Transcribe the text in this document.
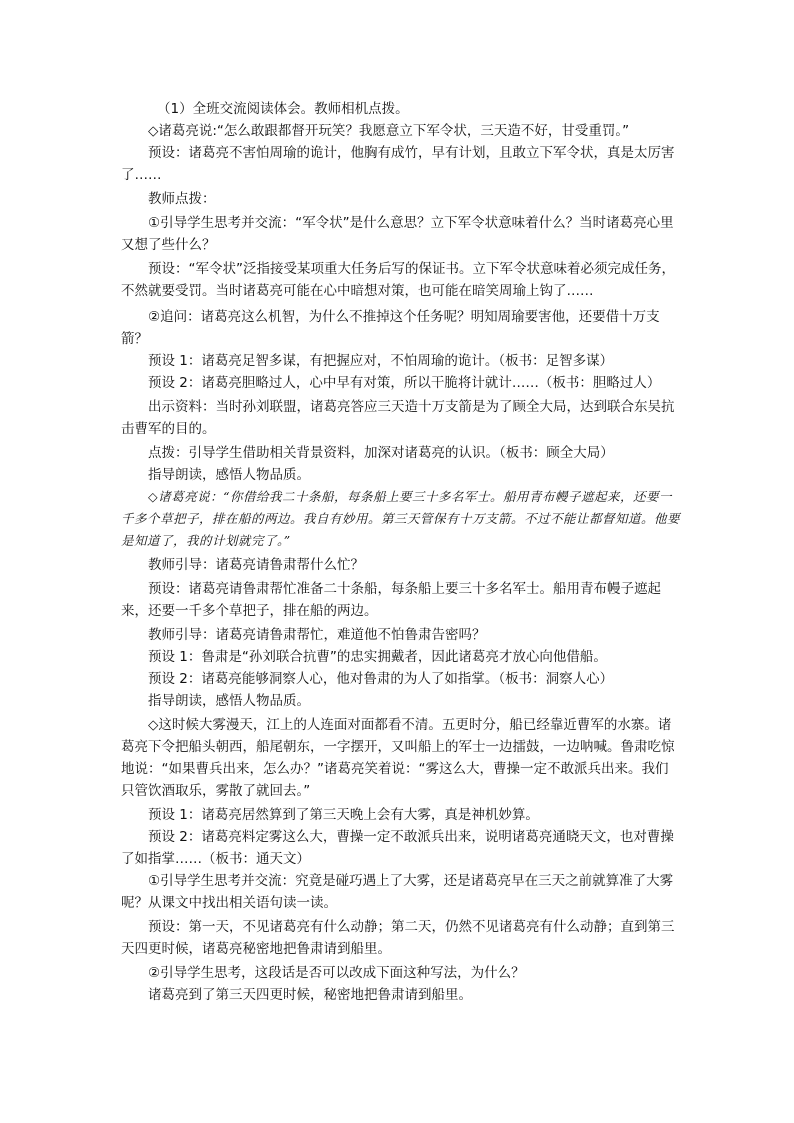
（1）全班交流阅读体会。教师相机点拨。

◇诸葛亮说:“怎么敢跟都督开玩笑？我愿意立下军令状，三天造不好，甘受重罚。”

预设：诸葛亮不害怕周瑜的诡计，他胸有成竹，早有计划，且敢立下军令状，真是太厉害了……

教师点拨：

①引导学生思考并交流：“军令状”是什么意思？立下军令状意味着什么？当时诸葛亮心里又想了些什么？

预设：“军令状”泛指接受某项重大任务后写的保证书。立下军令状意味着必须完成任务，不然就要受罚。当时诸葛亮可能在心中暗想对策，也可能在暗笑周瑜上钩了……

②追问：诸葛亮这么机智，为什么不推掉这个任务呢？明知周瑜要害他，还要借十万支箭？

预设 1：诸葛亮足智多谋，有把握应对，不怕周瑜的诡计。（板书：足智多谋）

预设 2：诸葛亮胆略过人，心中早有对策，所以干脆将计就计……（板书：胆略过人）

出示资料：当时孙刘联盟，诸葛亮答应三天造十万支箭是为了顾全大局，达到联合东吴抗击曹军的目的。

点拨：引导学生借助相关背景资料，加深对诸葛亮的认识。（板书：顾全大局）

指导朗读，感悟人物品质。

◇诸葛亮说：“你借给我二十条船，每条船上要三十多名军士。船用青布幔子遮起来，还要一千多个草把子，排在船的两边。我自有妙用。第三天管保有十万支箭。不过不能让都督知道。他要是知道了，我的计划就完了。”

教师引导：诸葛亮请鲁肃帮什么忙？

预设：诸葛亮请鲁肃帮忙准备二十条船，每条船上要三十多名军士。船用青布幔子遮起来，还要一千多个草把子，排在船的两边。

教师引导：诸葛亮请鲁肃帮忙，难道他不怕鲁肃告密吗？

预设 1：鲁肃是“孙刘联合抗曹”的忠实拥戴者，因此诸葛亮才放心向他借船。

预设 2：诸葛亮能够洞察人心，他对鲁肃的为人了如指掌。（板书：洞察人心）

指导朗读，感悟人物品质。

◇这时候大雾漫天，江上的人连面对面都看不清。五更时分，船已经靠近曹军的水寨。诸葛亮下令把船头朝西，船尾朝东，一字摆开，又叫船上的军士一边擂鼓，一边呐喊。鲁肃吃惊地说：“如果曹兵出来，怎么办？”诸葛亮笑着说：“雾这么大，曹操一定不敢派兵出来。我们只管饮酒取乐，雾散了就回去。”

预设 1：诸葛亮居然算到了第三天晚上会有大雾，真是神机妙算。

预设 2：诸葛亮料定雾这么大，曹操一定不敢派兵出来，说明诸葛亮通晓天文，也对曹操了如指掌……（板书：通天文）

①引导学生思考并交流：究竟是碰巧遇上了大雾，还是诸葛亮早在三天之前就算准了大雾呢？从课文中找出相关语句读一读。

预设：第一天，不见诸葛亮有什么动静；第二天，仍然不见诸葛亮有什么动静；直到第三天四更时候，诸葛亮秘密地把鲁肃请到船里。

②引导学生思考，这段话是否可以改成下面这种写法，为什么？

诸葛亮到了第三天四更时候，秘密地把鲁肃请到船里。
